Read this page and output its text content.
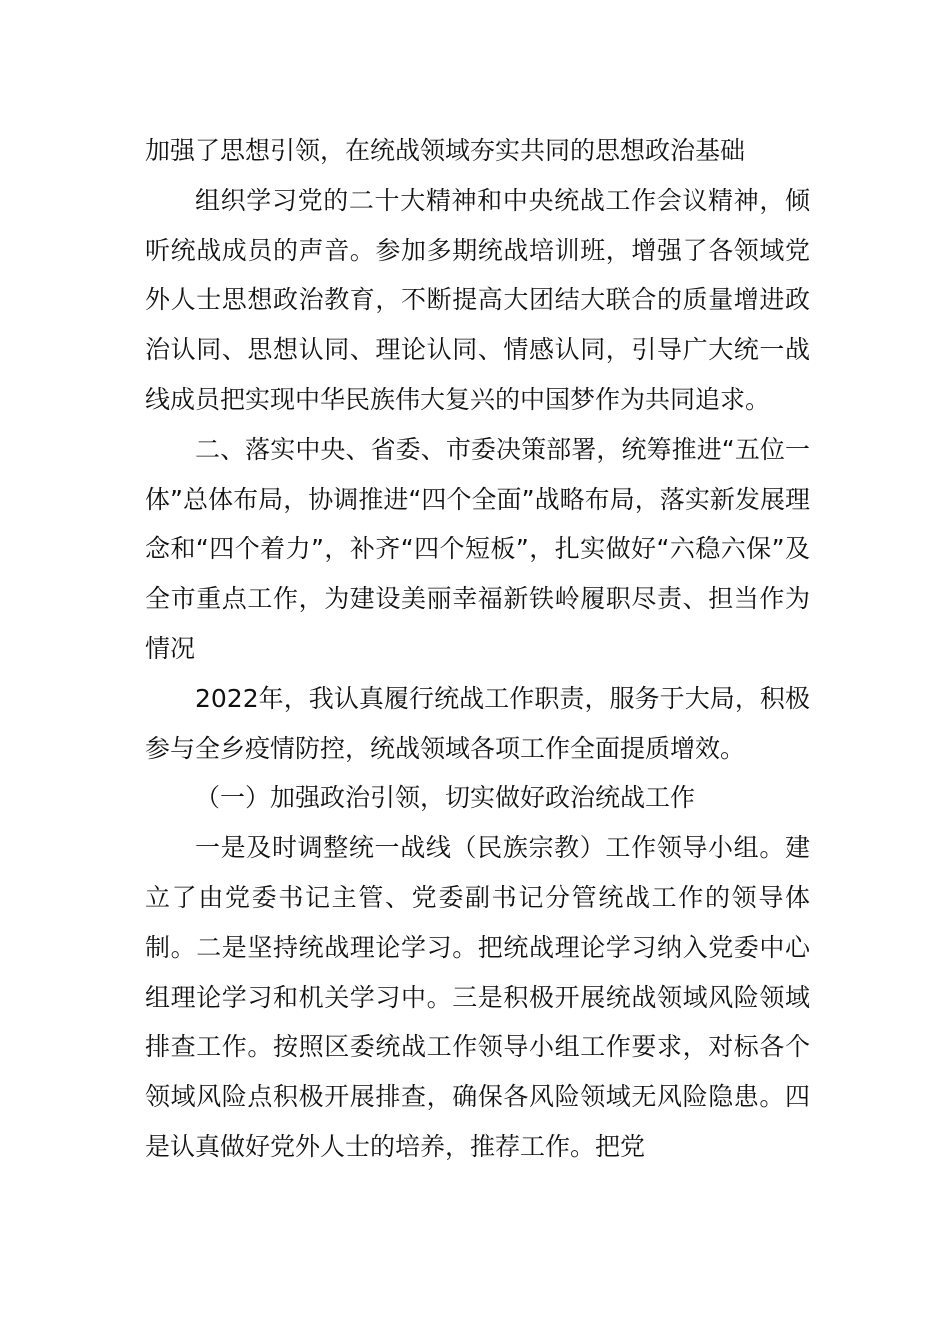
加强了思想引领，在统战领域夯实共同的思想政治基础

组织学习党的二十大精神和中央统战工作会议精神，倾听统战成员的声音。参加多期统战培训班，增强了各领域党外人士思想政治教育，不断提高大团结大联合的质量增进政治认同、思想认同、理论认同、情感认同，引导广大统一战线成员把实现中华民族伟大复兴的中国梦作为共同追求。

二、落实中央、省委、市委决策部署，统筹推进“五位一体”总体布局，协调推进“四个全面”战略布局，落实新发展理念和“四个着力”，补齐“四个短板”，扎实做好“六稳六保”及全市重点工作，为建设美丽幸福新铁岭履职尽责、担当作为情况

2022年，我认真履行统战工作职责，服务于大局，积极参与全乡疫情防控，统战领域各项工作全面提质增效。

（一）加强政治引领，切实做好政治统战工作

一是及时调整统一战线（民族宗教）工作领导小组。建立了由党委书记主管、党委副书记分管统战工作的领导体制。二是坚持统战理论学习。把统战理论学习纳入党委中心组理论学习和机关学习中。三是积极开展统战领域风险领域排查工作。按照区委统战工作领导小组工作要求，对标各个领域风险点积极开展排查，确保各风险领域无风险隐患。四是认真做好党外人士的培养，推荐工作。把党
